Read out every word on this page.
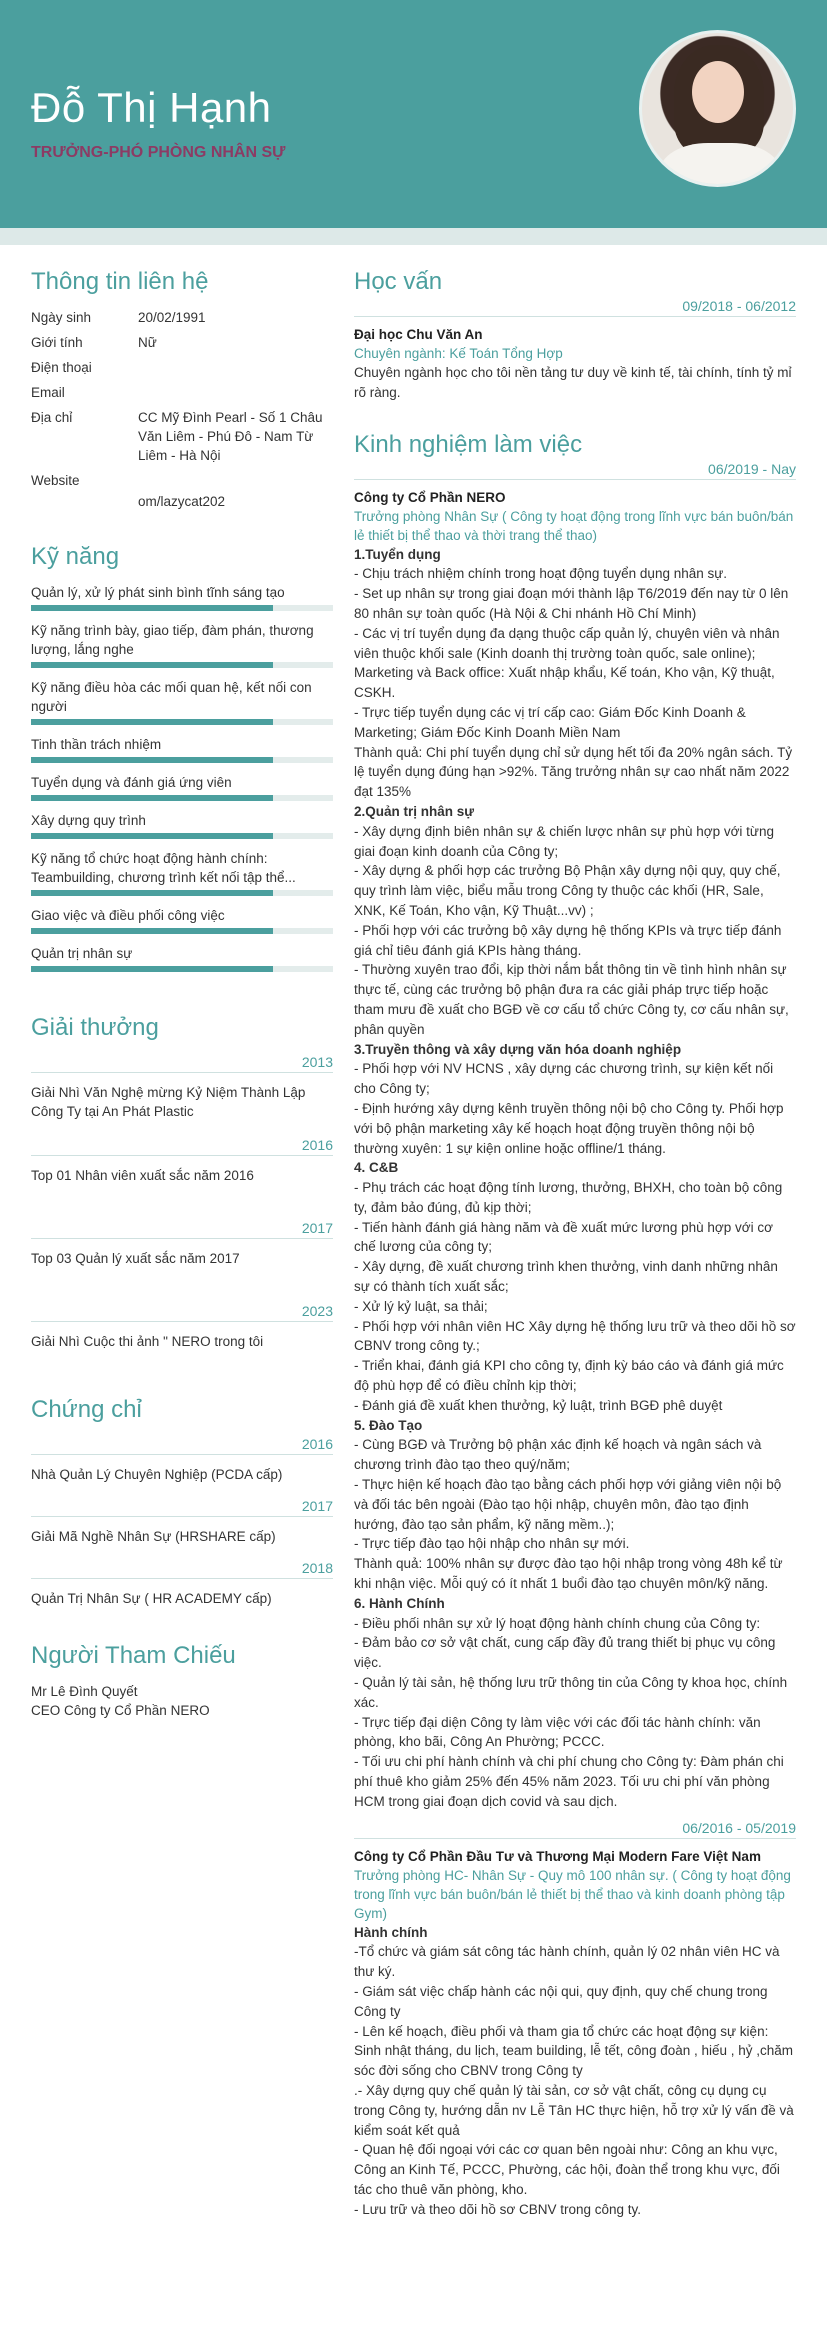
Đỗ Thị Hạnh
TRƯỞNG-PHÓ PHÒNG NHÂN SỰ
Thông tin liên hệ
Ngày sinh	20/02/1991
Giới tính	Nữ
Điện thoại
Email
Địa chỉ	CC Mỹ Đình Pearl - Số 1 Châu Văn Liêm - Phú Đô - Nam Từ Liêm - Hà Nội
Website
om/lazycat202
Kỹ năng
Quản lý, xử lý phát sinh bình tĩnh sáng tạo
Kỹ năng trình bày, giao tiếp, đàm phán, thương lượng, lắng nghe
Kỹ năng điều hòa các mối quan hệ, kết nối con người
Tinh thần trách nhiệm
Tuyển dụng và đánh giá ứng viên
Xây dựng quy trình
Kỹ năng tổ chức hoạt động hành chính: Teambuilding, chương trình kết nối tập thể...
Giao việc và điều phối công việc
Quản trị nhân sự
Giải thưởng
2013
Giải Nhì Văn Nghệ mừng Kỷ Niệm Thành Lập Công Ty tại An Phát Plastic
2016
Top 01 Nhân viên xuất sắc năm 2016
2017
Top 03 Quản lý xuất sắc năm 2017
2023
Giải Nhì Cuộc thi ảnh " NERO trong tôi
Chứng chỉ
2016
Nhà Quản Lý Chuyên Nghiệp (PCDA cấp)
2017
Giải Mã Nghề Nhân Sự (HRSHARE cấp)
2018
Quản Trị Nhân Sự ( HR ACADEMY cấp)
Người Tham Chiếu
Mr Lê Đình Quyết
CEO Công ty Cổ Phần NERO
Học vấn
09/2018 - 06/2012
Đại học Chu Văn An
Chuyên ngành: Kế Toán Tổng Hợp
Chuyên ngành học cho tôi nền tảng tư duy về kinh tế, tài chính, tính tỷ mỉ rõ ràng.
Kinh nghiệm làm việc
06/2019 - Nay
Công ty Cổ Phần NERO
Trưởng phòng Nhân Sự ( Công ty hoạt động trong lĩnh vực bán buôn/bán lẻ thiết bị thể thao và thời trang thể thao)
1.Tuyển dụng
- Chịu trách nhiệm chính trong hoạt động tuyển dụng nhân sự.
- Set up nhân sự trong giai đoạn mới thành lập T6/2019 đến nay từ 0 lên 80 nhân sự toàn quốc (Hà Nội & Chi nhánh Hồ Chí Minh)
- Các vị trí tuyển dụng đa dạng thuộc cấp quản lý, chuyên viên và nhân viên thuộc khối sale (Kinh doanh thị trường toàn quốc, sale online); Marketing và Back office: Xuất nhập khẩu, Kế toán, Kho vận, Kỹ thuật, CSKH.
- Trực tiếp tuyển dụng các vị trí cấp cao: Giám Đốc Kinh Doanh & Marketing; Giám Đốc Kinh Doanh Miền Nam
Thành quả: Chi phí tuyển dụng chỉ sử dụng hết tối đa 20% ngân sách. Tỷ lệ tuyển dụng đúng hạn >92%. Tăng trưởng nhân sự cao nhất năm 2022 đạt 135%
2.Quản trị nhân sự
- Xây dựng định biên nhân sự & chiến lược nhân sự phù hợp với từng giai đoạn kinh doanh của Công ty;
- Xây dựng & phối hợp các trưởng Bộ Phận xây dựng nội quy, quy chế, quy trình làm việc, biểu mẫu trong Công ty thuộc các khối (HR, Sale, XNK, Kế Toán, Kho vận, Kỹ Thuật...vv) ;
- Phối hợp với các trưởng bộ xây dựng hệ thống KPIs và trực tiếp đánh giá chỉ tiêu đánh giá KPIs hàng tháng.
- Thường xuyên trao đổi, kịp thời nắm bắt thông tin về tình hình nhân sự thực tế, cùng các trưởng bộ phận đưa ra các giải pháp trực tiếp hoặc tham mưu đề xuất cho BGĐ về cơ cấu tổ chức Công ty, cơ cấu nhân sự, phân quyền
3.Truyền thông và xây dựng văn hóa doanh nghiệp
- Phối hợp với NV HCNS , xây dựng các chương trình, sự kiện kết nối cho Công ty;
- Định hướng xây dựng kênh truyền thông nội bộ cho Công ty. Phối hợp với bộ phận marketing xây kế hoạch hoạt động truyền thông nội bộ thường xuyên: 1 sự kiện online hoặc offline/1 tháng.
4. C&B
- Phụ trách các hoạt động tính lương, thưởng, BHXH, cho toàn bộ công ty, đảm bảo đúng, đủ kịp thời;
- Tiến hành đánh giá hàng năm và đề xuất mức lương phù hợp với cơ chế lương của công ty;
- Xây dựng, đề xuất chương trình khen thưởng, vinh danh những nhân sự có thành tích xuất sắc;
- Xử lý kỷ luật, sa thải;
- Phối hợp với nhân viên HC Xây dựng hệ thống lưu trữ và theo dõi hồ sơ CBNV trong công ty.;
- Triển khai, đánh giá KPI cho công ty, định kỳ báo cáo và đánh giá mức độ phù hợp để có điều chỉnh kịp thời;
- Đánh giá đề xuất khen thưởng, kỷ luật, trình BGĐ phê duyệt
5. Đào Tạo
- Cùng BGĐ và Trưởng bộ phận xác định kế hoạch và ngân sách và chương trình đào tạo theo quý/năm;
- Thực hiện kế hoạch đào tạo bằng cách phối hợp với giảng viên nội bộ và đối tác bên ngoài (Đào tạo hội nhập, chuyên môn, đào tạo định hướng, đào tạo sản phẩm, kỹ năng mềm..);
- Trực tiếp đào tạo hội nhập cho nhân sự mới.
Thành quả: 100% nhân sự được đào tạo hội nhập trong vòng 48h kể từ khi nhận việc. Mỗi quý có ít nhất 1 buổi đào tạo chuyên môn/kỹ năng.
6. Hành Chính
- Điều phối nhân sự xử lý hoạt động hành chính chung của Công ty:
- Đảm bảo cơ sở vật chất, cung cấp đầy đủ trang thiết bị phục vụ công việc.
- Quản lý tài sản, hệ thống lưu trữ thông tin của Công ty khoa học, chính xác.
- Trực tiếp đại diện Công ty làm việc với các đối tác hành chính: văn phòng, kho bãi, Công An Phường; PCCC.
- Tối ưu chi phí hành chính và chi phí chung cho Công ty: Đàm phán chi phí thuê kho giảm 25% đến 45% năm 2023. Tối ưu chi phí văn phòng HCM trong giai đoạn dịch covid và sau dịch.
06/2016 - 05/2019
Công ty Cổ Phần Đầu Tư và Thương Mại Modern Fare Việt Nam
Trưởng phòng HC- Nhân Sự - Quy mô 100 nhân sự. ( Công ty hoạt động trong lĩnh vực bán buôn/bán lẻ thiết bị thể thao và kinh doanh phòng tập Gym)
Hành chính
-Tổ chức và giám sát công tác hành chính, quản lý 02 nhân viên HC và thư ký.
- Giám sát việc chấp hành các nội qui, quy định, quy chế chung trong Công ty
- Lên kế hoạch, điều phối và tham gia tổ chức các hoạt động sự kiện: Sinh nhật tháng, du lịch, team building, lễ tết, công đoàn , hiếu , hỷ ,chăm sóc đời sống cho CBNV trong Công ty
.- Xây dựng quy chế quản lý tài sản, cơ sở vật chất, công cụ dụng cụ trong Công ty, hướng dẫn nv Lễ Tân HC thực hiện, hỗ trợ xử lý vấn đề và kiểm soát kết quả
- Quan hệ đối ngoại với các cơ quan bên ngoài như: Công an khu vực, Công an Kinh Tế, PCCC, Phường, các hội, đoàn thể trong khu vực, đối tác cho thuê văn phòng, kho.
- Lưu trữ và theo dõi hồ sơ CBNV trong công ty.
